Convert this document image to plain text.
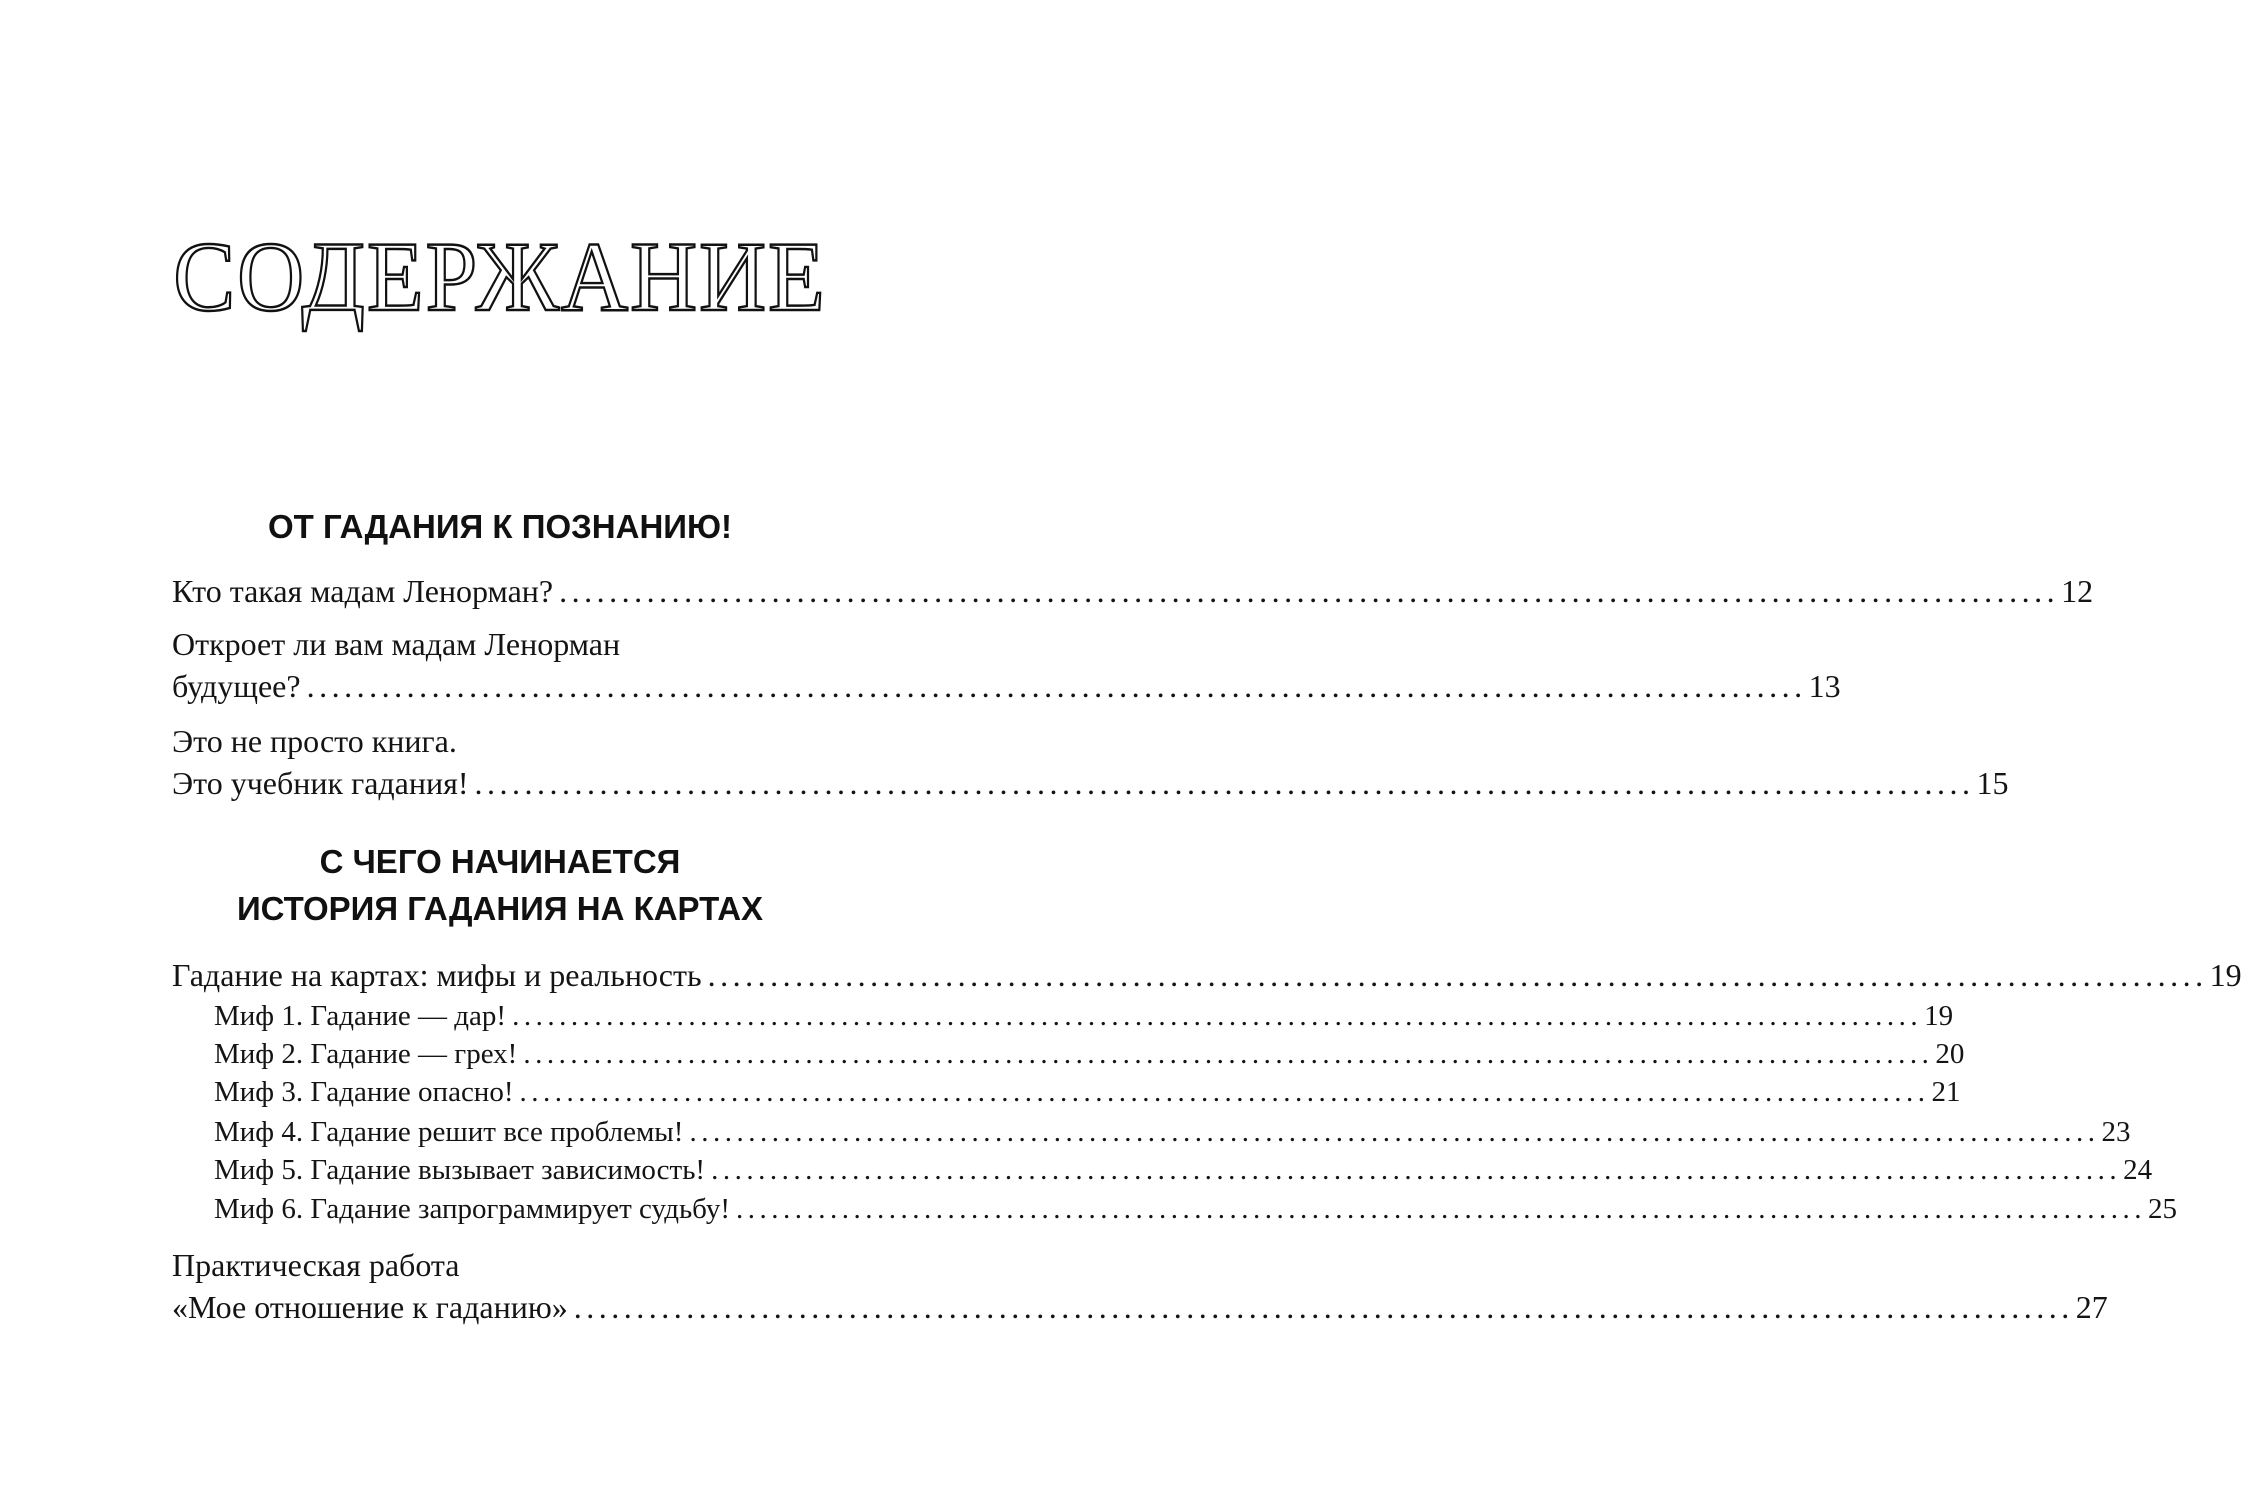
СОДЕРЖАНИЕ
ОТ ГАДАНИЯ К ПОЗНАНИЮ!
Кто такая мадам Ленорман? ........................................................................................................................ 12
Откроет ли вам мадам Ленорман
будущее? ........................................................................................................................ 13
Это не просто книга.
Это учебник гадания! ........................................................................................................................ 15
С ЧЕГО НАЧИНАЕТСЯ
ИСТОРИЯ ГАДАНИЯ НА КАРТАХ
Гадание на картах: мифы и реальность ........................................................................................................................ 19
Миф 1. Гадание — дар! ........................................................................................................................ 19
Миф 2. Гадание — грех! ........................................................................................................................ 20
Миф 3. Гадание опасно! ........................................................................................................................ 21
Миф 4. Гадание решит все проблемы! ........................................................................................................................ 23
Миф 5. Гадание вызывает зависимость! ........................................................................................................................ 24
Миф 6. Гадание запрограммирует судьбу! ........................................................................................................................ 25
Практическая работа
«Мое отношение к гаданию» ........................................................................................................................ 27
